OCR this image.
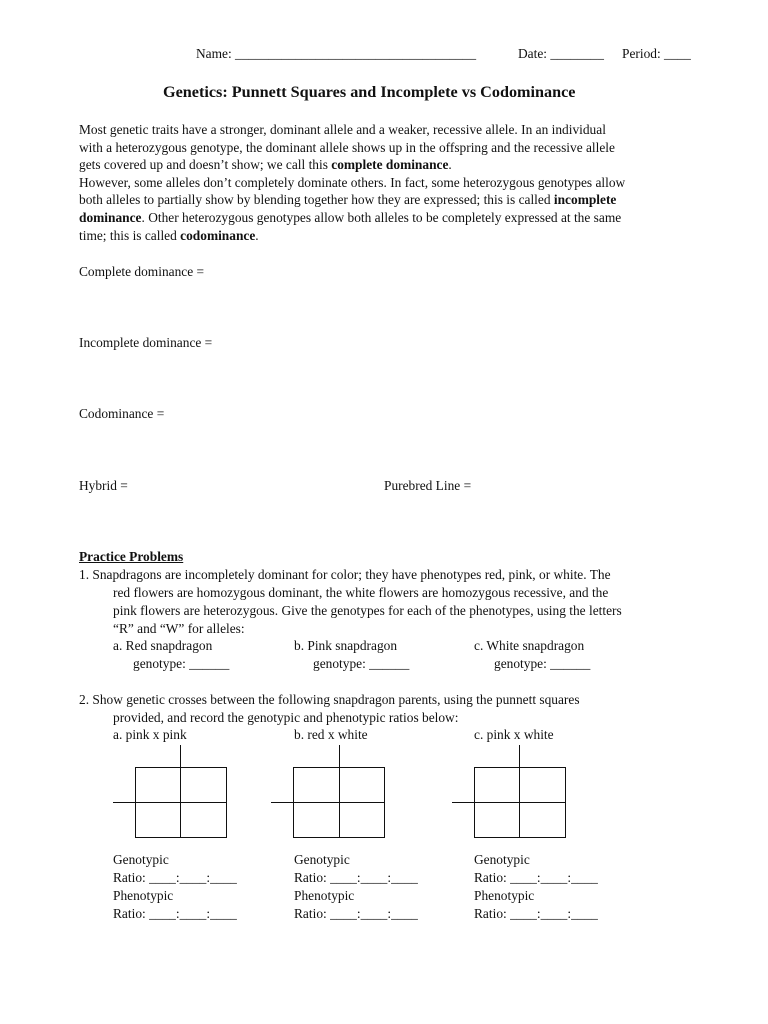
Name: ____________________________________	Date: ________ Period: ____
Genetics: Punnett Squares and Incomplete vs Codominance
Most genetic traits have a stronger, dominant allele and a weaker, recessive allele. In an individual
with a heterozygous genotype, the dominant allele shows up in the offspring and the recessive allele
gets covered up and doesn’t show; we call this complete dominance.
However, some alleles don’t completely dominate others. In fact, some heterozygous genotypes allow
both alleles to partially show by blending together how they are expressed; this is called incomplete
dominance. Other heterozygous genotypes allow both alleles to be completely expressed at the same
time; this is called codominance.
Complete dominance =
Incomplete dominance =
Codominance =
Hybrid =	Purebred Line =
Practice Problems
1. Snapdragons are incompletely dominant for color; they have phenotypes red, pink, or white. The
red flowers are homozygous dominant, the white flowers are homozygous recessive, and the
pink flowers are heterozygous. Give the genotypes for each of the phenotypes, using the letters
“R” and “W” for alleles:
a. Red snapdragon	b. Pink snapdragon	c. White snapdragon
genotype: ______	genotype: ______	genotype: ______
2. Show genetic crosses between the following snapdragon parents, using the punnett squares
provided, and record the genotypic and phenotypic ratios below:
a. pink x pink	b. red x white	c. pink x white
Genotypic
Ratio: ____:____:____
Phenotypic
Ratio: ____:____:____
Genotypic
Ratio: ____:____:____
Phenotypic
Ratio: ____:____:____
Genotypic
Ratio: ____:____:____
Phenotypic
Ratio: ____:____:____
